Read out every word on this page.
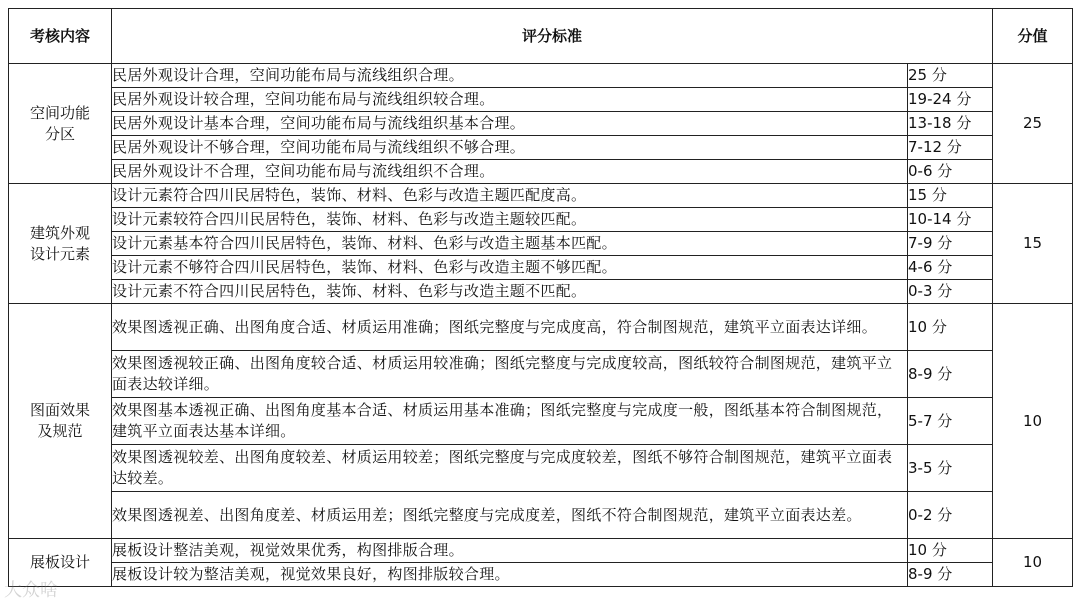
考核内容	评分标准		分值
空间功能
分区	民居外观设计合理，空间功能布局与流线组织合理。	25 分	25
	民居外观设计较合理，空间功能布局与流线组织较合理。	19-24 分	
	民居外观设计基本合理，空间功能布局与流线组织基本合理。	13-18 分	
	民居外观设计不够合理，空间功能布局与流线组织不够合理。	7-12 分	
	民居外观设计不合理，空间功能布局与流线组织不合理。	0-6 分	
建筑外观
设计元素	设计元素符合四川民居特色，装饰、材料、色彩与改造主题匹配度高。	15 分	15
	设计元素较符合四川民居特色，装饰、材料、色彩与改造主题较匹配。	10-14 分	
	设计元素基本符合四川民居特色，装饰、材料、色彩与改造主题基本匹配。	7-9 分	
	设计元素不够符合四川民居特色，装饰、材料、色彩与改造主题不够匹配。	4-6 分	
	设计元素不符合四川民居特色，装饰、材料、色彩与改造主题不匹配。	0-3 分	
图面效果
及规范	效果图透视正确、出图角度合适、材质运用准确；图纸完整度与完成度高，符合制图规范，建筑平立面表达详细。	10 分	10
	效果图透视较正确、出图角度较合适、材质运用较准确；图纸完整度与完成度较高，图纸较符合制图规范，建筑平立面表达较详细。	8-9 分	
	效果图基本透视正确、出图角度基本合适、材质运用基本准确；图纸完整度与完成度一般，图纸基本符合制图规范，建筑平立面表达基本详细。	5-7 分	
	效果图透视较差、出图角度较差、材质运用较差；图纸完整度与完成度较差，图纸不够符合制图规范，建筑平立面表达较差。	3-5 分	
	效果图透视差、出图角度差、材质运用差；图纸完整度与完成度差，图纸不符合制图规范，建筑平立面表达差。	0-2 分	
展板设计	展板设计整洁美观，视觉效果优秀，构图排版合理。	10 分	10
	展板设计较为整洁美观，视觉效果良好，构图排版较合理。	8-9 分	
大众啥
